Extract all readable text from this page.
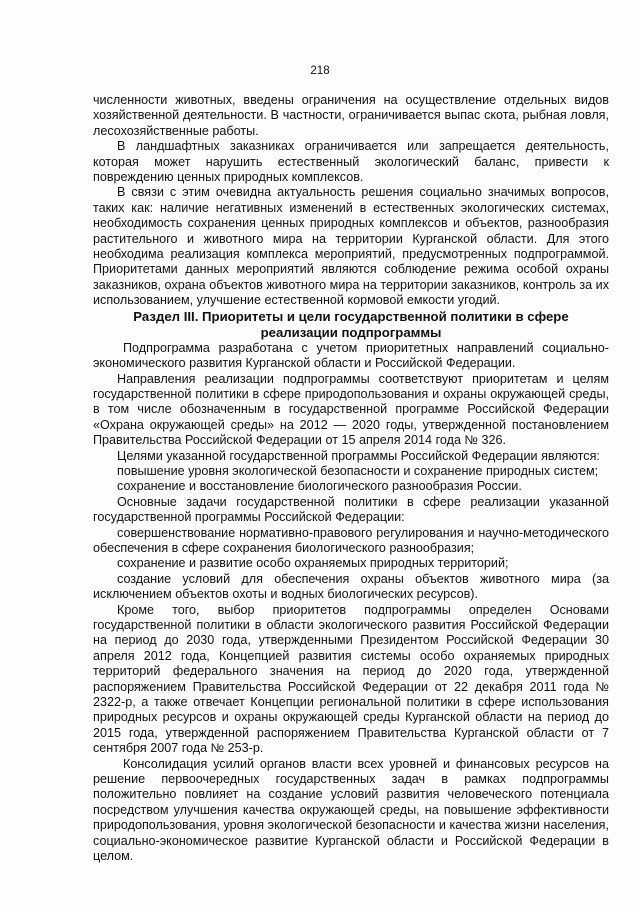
218

численности животных, введены ограничения на осуществление отдельных видов хозяйственной деятельности. В частности, ограничивается выпас скота, рыбная ловля, лесохозяйственные работы.

В ландшафтных заказниках ограничивается или запрещается деятельность, которая может нарушить естественный экологический баланс, привести к повреждению ценных природных комплексов.

В связи с этим очевидна актуальность решения социально значимых вопросов, таких как: наличие негативных изменений в естественных экологических системах, необходимость сохранения ценных природных комплексов и объектов, разнообразия растительного и животного мира на территории Курганской области. Для этого необходима реализация комплекса мероприятий, предусмотренных подпрограммой. Приоритетами данных мероприятий являются соблюдение режима особой охраны заказников, охрана объектов животного мира на территории заказников, контроль за их использованием, улучшение естественной кормовой емкости угодий.

Раздел III. Приоритеты и цели государственной политики в сфере реализации подпрограммы

Подпрограмма разработана с учетом приоритетных направлений социально-экономического развития Курганской области и Российской Федерации.

Направления реализации подпрограммы соответствуют приоритетам и целям государственной политики в сфере природопользования и охраны окружающей среды, в том числе обозначенным в государственной программе Российской Федерации «Охрана окружающей среды» на 2012 — 2020 годы, утвержденной постановлением Правительства Российской Федерации от 15 апреля 2014 года № 326.

Целями указанной государственной программы Российской Федерации являются:

повышение уровня экологической безопасности и сохранение природных систем;

сохранение и восстановление биологического разнообразия России.

Основные задачи государственной политики в сфере реализации указанной государственной программы Российской Федерации:

совершенствование нормативно-правового регулирования и научно-методического обеспечения в сфере сохранения биологического разнообразия;

сохранение и развитие особо охраняемых природных территорий;

создание условий для обеспечения охраны объектов животного мира (за исключением объектов охоты и водных биологических ресурсов).

Кроме того, выбор приоритетов подпрограммы определен Основами государственной политики в области экологического развития Российской Федерации на период до 2030 года, утвержденными Президентом Российской Федерации 30 апреля 2012 года, Концепцией развития системы особо охраняемых природных территорий федерального значения на период до 2020 года, утвержденной распоряжением Правительства Российской Федерации от 22 декабря 2011 года № 2322-р, а также отвечает Концепции региональной политики в сфере использования природных ресурсов и охраны окружающей среды Курганской области на период до 2015 года, утвержденной распоряжением Правительства Курганской области от 7 сентября 2007 года № 253-р.

Консолидация усилий органов власти всех уровней и финансовых ресурсов на решение первоочередных государственных задач в рамках подпрограммы положительно повлияет на создание условий развития человеческого потенциала посредством улучшения качества окружающей среды, на повышение эффективности природопользования, уровня экологической безопасности и качества жизни населения, социально-экономическое развитие Курганской области и Российской Федерации в целом.
